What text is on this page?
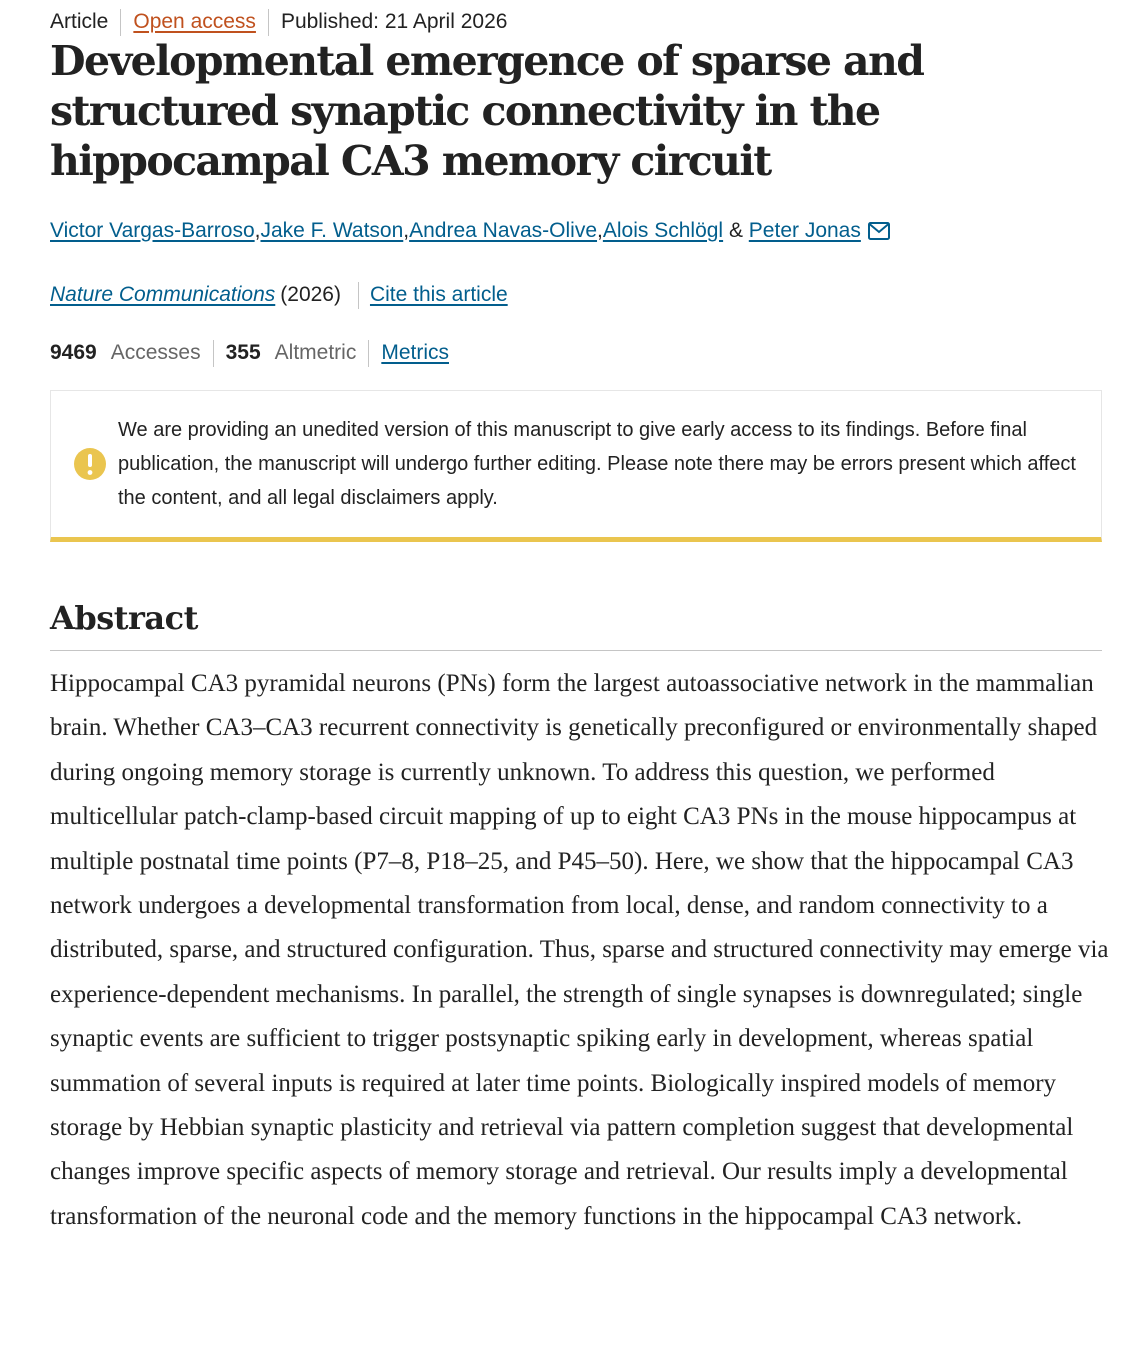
Article Open access Published: 21 April 2026
Developmental emergence of sparse and structured synaptic connectivity in the hippocampal CA3 memory circuit
Victor Vargas-Barroso , Jake F. Watson , Andrea Navas-Olive , Alois Schlögl & Peter Jonas
Nature Communications (2026) Cite this article
9469 Accesses 355 Altmetric Metrics

We are providing an unedited version of this manuscript to give early access to its findings. Before final publication, the manuscript will undergo further editing. Please note there may be errors present which affect the content, and all legal disclaimers apply.

Abstract

Hippocampal CA3 pyramidal neurons (PNs) form the largest autoassociative network in the mammalian brain. Whether CA3–CA3 recurrent connectivity is genetically preconfigured or environmentally shaped during ongoing memory storage is currently unknown. To address this question, we performed multicellular patch-clamp-based circuit mapping of up to eight CA3 PNs in the mouse hippocampus at multiple postnatal time points (P7–8, P18–25, and P45–50). Here, we show that the hippocampal CA3 network undergoes a developmental transformation from local, dense, and random connectivity to a distributed, sparse, and structured configuration. Thus, sparse and structured connectivity may emerge via experience-dependent mechanisms. In parallel, the strength of single synapses is downregulated; single synaptic events are sufficient to trigger postsynaptic spiking early in development, whereas spatial summation of several inputs is required at later time points. Biologically inspired models of memory storage by Hebbian synaptic plasticity and retrieval via pattern completion suggest that developmental changes improve specific aspects of memory storage and retrieval. Our results imply a developmental transformation of the neuronal code and the memory functions in the hippocampal CA3 network.
